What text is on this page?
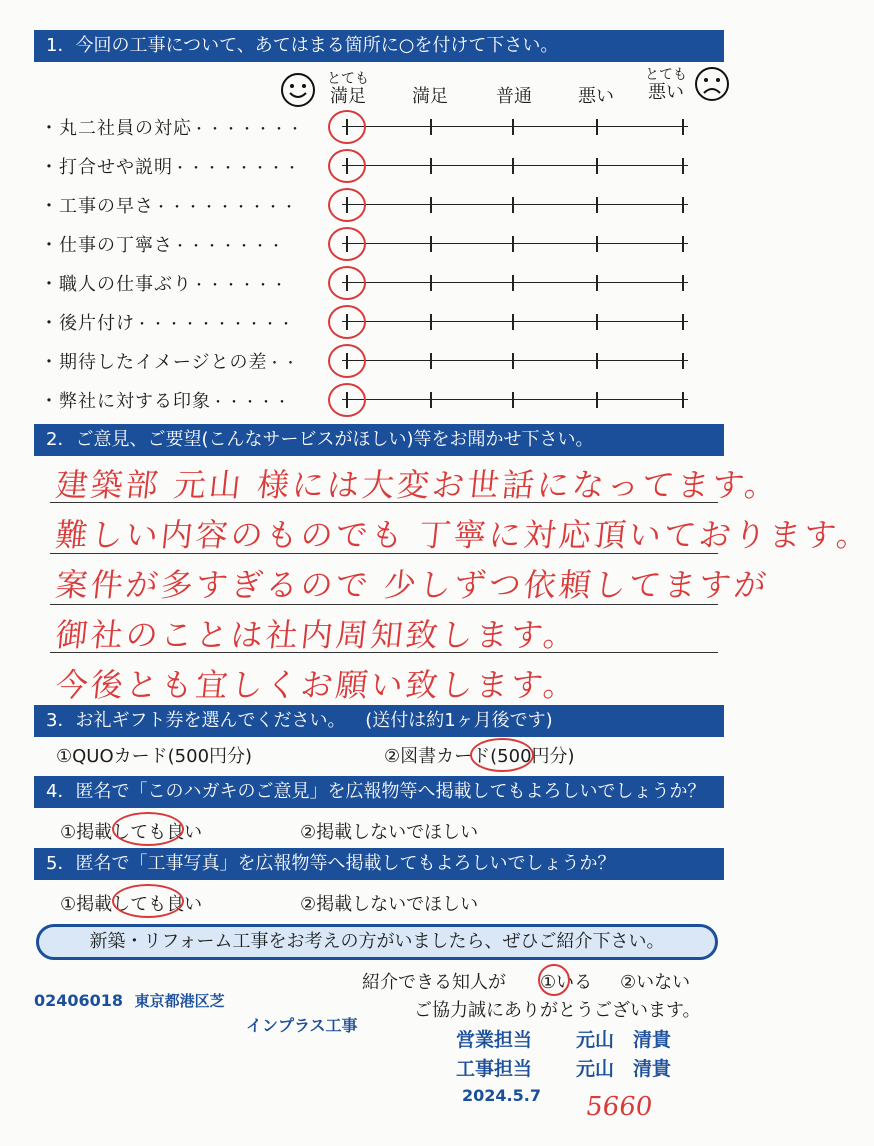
1．今回の工事について、あてはまる箇所に○を付けて下さい。
とても
満足	満足	普通	悪い
とても
悪い
・丸二社員の対応・・・・・・・
・打合せや説明・・・・・・・・
・工事の早さ・・・・・・・・・
・仕事の丁寧さ・・・・・・・
・職人の仕事ぶり・・・・・・
・後片付け・・・・・・・・・・
・期待したイメージとの差・・
・弊社に対する印象・・・・・
2．ご意見、ご要望(こんなサービスがほしい)等をお聞かせ下さい。
建築部 元山 様には大変お世話になってます。
難しい内容のものでも 丁寧に対応頂いております。
案件が多すぎるので 少しずつ依頼してますが
御社のことは社内周知致します。
今後とも宜しくお願い致します。
3．お礼ギフト券を選んでください。 (送付は約1ヶ月後です)
①QUOカード(500円分)	②図書カード(500円分)
4．匿名で「このハガキのご意見」を広報物等へ掲載してもよろしいでしょうか？
①掲載しても良い	②掲載しないでほしい
5．匿名で「工事写真」を広報物等へ掲載してもよろしいでしょうか？
①掲載しても良い	②掲載しないでほしい
新築・リフォーム工事をお考えの方がいましたら、ぜひご紹介下さい。
紹介できる知人が ①いる ②いない
ご協力誠にありがとうございます。
02406018 東京都港区芝
インプラス工事
営業担当 元山　清貴
工事担当 元山　清貴
2024.5.7 5660
